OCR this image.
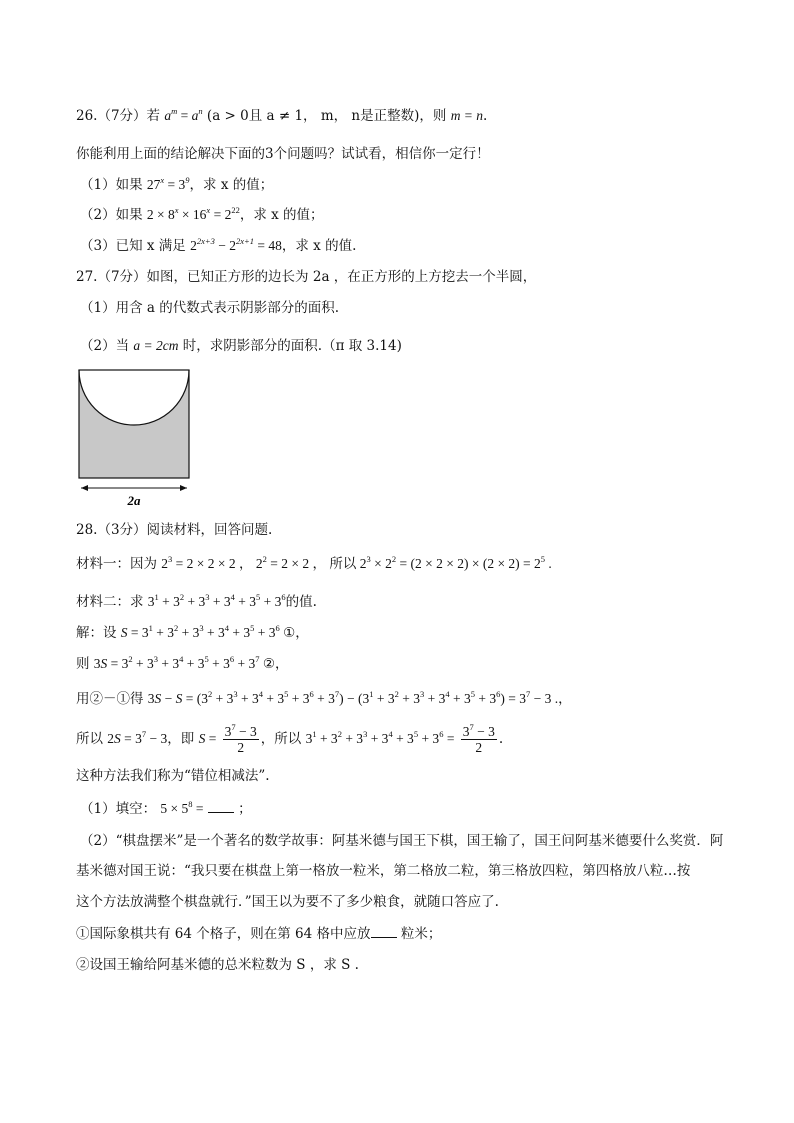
26.（7分）若 $a^m = a^n$ (a > 0且 a ≠ 1， m， n是正整数)，则 m = n.
你能利用上面的结论解决下面的3个问题吗？试试看，相信你一定行！
（1）如果 $27^x = 3^9$，求 x 的值；
（2）如果 $2 \times 8^x \times 16^x = 2^{22}$，求 x 的值；
（3）已知 x 满足 $2^{2x+3} - 2^{2x+1} = 48$，求 x 的值.
27.（7分）如图，已知正方形的边长为 2a ，在正方形的上方挖去一个半圆，
（1）用含 a 的代数式表示阴影部分的面积.
（2）当 a = 2cm 时，求阴影部分的面积.（π 取 3.14)
2a
28.（3分）阅读材料，回答问题.
材料一：因为 $2^3 = 2 \times 2 \times 2$ ， $2^2 = 2 \times 2$ ， 所以 $2^3 \times 2^2 = (2 \times 2 \times 2) \times (2 \times 2) = 2^5$ .
材料二：求 $3^1 + 3^2 + 3^3 + 3^4 + 3^5 + 3^6$的值.
解：设 $S = 3^1 + 3^2 + 3^3 + 3^4 + 3^5 + 3^6$ ①，
则 $3S = 3^2 + 3^3 + 3^4 + 3^5 + 3^6 + 3^7$ ②，
用②－①得 $3S - S = (3^2 + 3^3 + 3^4 + 3^5 + 3^6 + 3^7) - (3^1 + 3^2 + 3^3 + 3^4 + 3^5 + 3^6) = 3^7 - 3$ .，
所以 $2S = 3^7 - 3$，即 $S = \frac{3^7 - 3}{2}$ ，所以 $3^1 + 3^2 + 3^3 + 3^4 + 3^5 + 3^6 = \frac{3^7 - 3}{2}$ .
这种方法我们称为“错位相减法”.
（1）填空： $5 \times 5^8$ =  ；
（2）“棋盘摆米”是一个著名的数学故事：阿基米德与国王下棋，国王输了，国王问阿基米德要什么奖赏．阿
基米德对国王说：“我只要在棋盘上第一格放一粒米，第二格放二粒，第三格放四粒，第四格放八粒…按
这个方法放满整个棋盘就行．”国王以为要不了多少粮食，就随口答应了.
①国际象棋共有 64 个格子，则在第 64 格中应放 粒米；
②设国王输给阿基米德的总米粒数为 S ，求 S .
